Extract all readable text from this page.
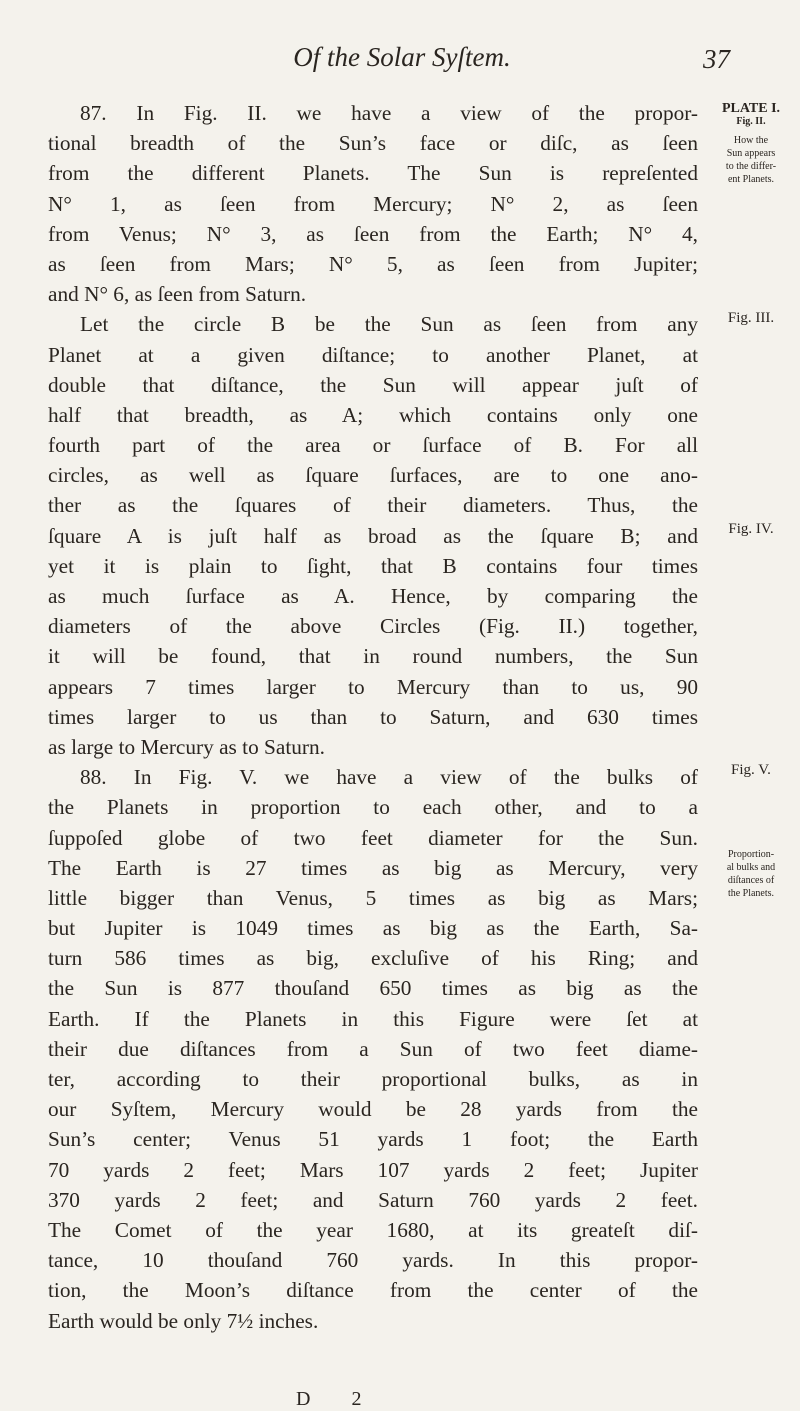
Of the Solar Syſtem.	37
87. In Fig. II. we have a view of the propor-
tional breadth of the Sun’s face or diſc, as ſeen
from the different Planets. The Sun is repreſented
N° 1, as ſeen from Mercury; N° 2, as ſeen
from Venus; N° 3, as ſeen from the Earth; N° 4,
as ſeen from Mars; N° 5, as ſeen from Jupiter;
and N° 6, as ſeen from Saturn.
Let the circle B be the Sun as ſeen from any
Planet at a given diſtance; to another Planet, at
double that diſtance, the Sun will appear juſt of
half that breadth, as A; which contains only one
fourth part of the area or ſurface of B. For all
circles, as well as ſquare ſurfaces, are to one ano-
ther as the ſquares of their diameters. Thus, the
ſquare A is juſt half as broad as the ſquare B; and
yet it is plain to ſight, that B contains four times
as much ſurface as A. Hence, by comparing the
diameters of the above Circles (Fig. II.) together,
it will be found, that in round numbers, the Sun
appears 7 times larger to Mercury than to us, 90
times larger to us than to Saturn, and 630 times
as large to Mercury as to Saturn.
88. In Fig. V. we have a view of the bulks of
the Planets in proportion to each other, and to a
ſuppoſed globe of two feet diameter for the Sun.
The Earth is 27 times as big as Mercury, very
little bigger than Venus, 5 times as big as Mars;
but Jupiter is 1049 times as big as the Earth, Sa-
turn 586 times as big, excluſive of his Ring; and
the Sun is 877 thouſand 650 times as big as the
Earth. If the Planets in this Figure were ſet at
their due diſtances from a Sun of two feet diame-
ter, according to their proportional bulks, as in
our Syſtem, Mercury would be 28 yards from the
Sun’s center; Venus 51 yards 1 foot; the Earth
70 yards 2 feet; Mars 107 yards 2 feet; Jupiter
370 yards 2 feet; and Saturn 760 yards 2 feet.
The Comet of the year 1680, at its greateſt diſ-
tance, 10 thouſand 760 yards. In this propor-
tion, the Moon’s diſtance from the center of the
Earth would be only 7½ inches.
PLATE I.
Fig. II.
How the
Sun appears
to the differ-
ent Planets.
Fig. III.
Fig. IV.
Fig. V.
Proportion-
al bulks and
diſtances of
the Planets.
D 2
